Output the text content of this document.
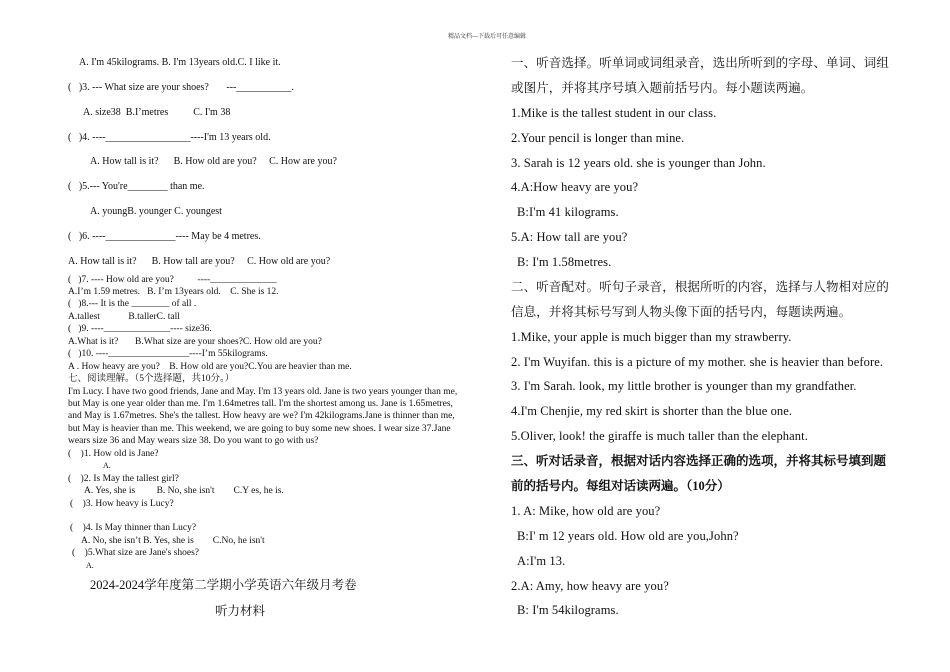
精品文档---下载后可任意编辑
A. I'm 45kilograms. B. I'm 13years old.C. I like it.
(   )3. --- What size are your shoes?       ---___________.
A. size38  B.I’metres          C. I'm 38
(   )4. ----_________________----I'm 13 years old.
A. How tall is it?      B. How old are you?     C. How are you?
(   )5.--- You're________ than me.
A. youngB. younger C. youngest
(   )6. ----______________---- May be 4 metres.
A. How tall is it?      B. How tall are you?     C. How old are you?
(   )7. ---- How old are you?          ----______________
A.I’m 1.59 metres.   B. I’m 13years old.    C. She is 12.
(   )8.--- It is the ________ of all .
A.tallest            B.tallerC. tall
(   )9. ----______________---- size36.
A.What is it?       B.What size are your shoes?C. How old are you?
(   )10. ----_________________----I’m 55kilograms.
A . How heavy are you?    B. How old are you?C.You are heavier than me.
七、阅读理解。（5个选择题，共10分。）
I'm Lucy. I have two good friends, Jane and May. I'm 13 years old. Jane is two years younger than me,
but May is one year older than me. I'm 1.64metres tall. I'm the shortest among us. Jane is 1.65metres,
and May is 1.67metres. She's the tallest. How heavy are we? I'm 42kilograms.Jane is thinner than me,
but May is heavier than me. This weekend, we are going to buy some new shoes. I wear size 37.Jane
wears size 36 and May wears size 38. Do you want to go with us?
(    )1. How old is Jane?
A.
(    )2. Is May the tallest girl?
A. Yes, she is         B. No, she isn't        C.Y es, he is.
(    )3. How heavy is Lucy?
(    )4. Is May thinner than Lucy?
A. No, she isn’t B. Yes, she is        C.No, he isn't
(    )5.What size are Jane's shoes?
A.
2024-2024学年度第二学期小学英语六年级月考卷
听力材料
一、听音选择。听单词或词组录音，选出所听到的字母、单词、词组
或图片，并将其序号填入题前括号内。每小题读两遍。
1.Mike is the tallest student in our class.
2.Your pencil is longer than mine.
3. Sarah is 12 years old. she is younger than John.
4.A:How heavy are you?
B:I'm 41 kilograms.
5.A: How tall are you?
B: I'm 1.58metres.
二、听音配对。听句子录音，根据所听的内容，选择与人物相对应的
信息，并将其标号写到人物头像下面的括号内，每题读两遍。
1.Mike, your apple is much bigger than my strawberry.
2. I'm Wuyifan. this is a picture of my mother. she is heavier than before.
3. I'm Sarah. look, my little brother is younger than my grandfather.
4.I'm Chenjie, my red skirt is shorter than the blue one.
5.Oliver, look! the giraffe is much taller than the elephant.
三、听对话录音，根据对话内容选择正确的选项，并将其标号填到题
前的括号内。每组对话读两遍。（10分）
1. A: Mike, how old are you?
B:I' m 12 years old. How old are you,John?
A:I'm 13.
2.A: Amy, how heavy are you?
B: I'm 54kilograms.
